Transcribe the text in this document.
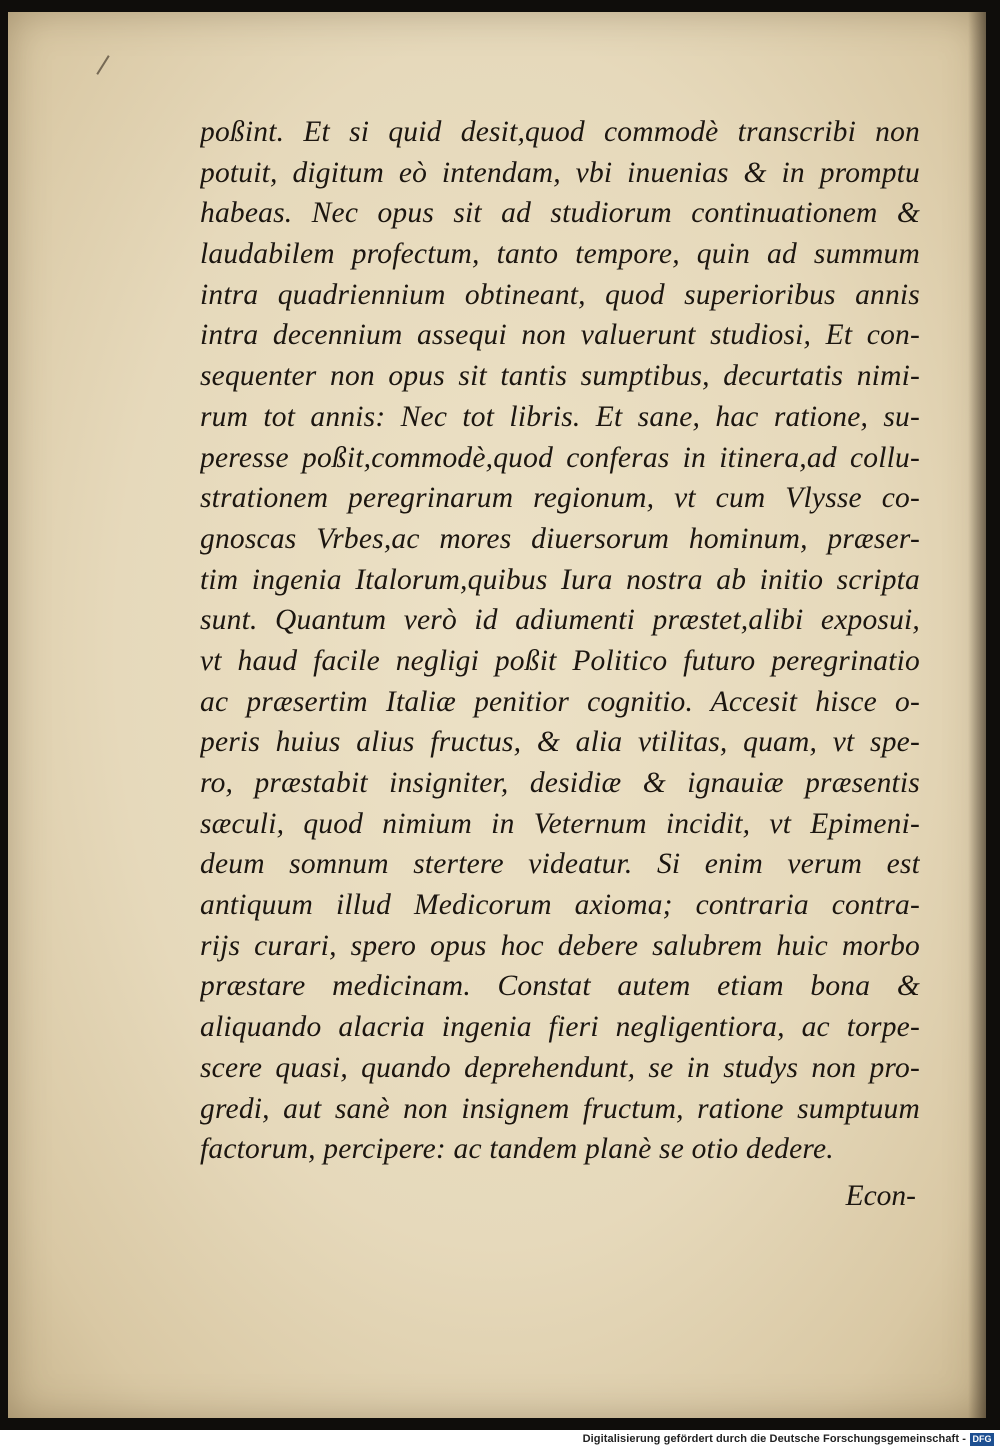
poßint. Et si quid desit,quod commodè transcribi non
potuit, digitum eò intendam, vbi inuenias & in promptu
habeas. Nec opus sit ad studiorum continuationem &
laudabilem profectum, tanto tempore, quin ad summum
intra quadriennium obtineant, quod superioribus annis
intra decennium assequi non valuerunt studiosi, Et con-
sequenter non opus sit tantis sumptibus, decurtatis nimi-
rum tot annis: Nec tot libris. Et sane, hac ratione, su-
peresse poßit,commodè,quod conferas in itinera,ad collu-
strationem peregrinarum regionum, vt cum Vlysse co-
gnoscas Vrbes,ac mores diuersorum hominum, præser-
tim ingenia Italorum,quibus Iura nostra ab initio scripta
sunt. Quantum verò id adiumenti præstet,alibi exposui,
vt haud facile negligi poßit Politico futuro peregrinatio
ac præsertim Italiæ penitior cognitio. Accesit hisce o-
peris huius alius fructus, & alia vtilitas, quam, vt spe-
ro, præstabit insigniter, desidiæ & ignauiæ præsentis
sæculi, quod nimium in Veternum incidit, vt Epimeni-
deum somnum stertere videatur. Si enim verum est
antiquum illud Medicorum axioma; contraria contra-
rijs curari, spero opus hoc debere salubrem huic morbo
præstare medicinam. Constat autem etiam bona &
aliquando alacria ingenia fieri negligentiora, ac torpe-
scere quasi, quando deprehendunt, se in studys non pro-
gredi, aut sanè non insignem fructum, ratione sumptuum
factorum, percipere: ac tandem planè se otio dedere.
Econ-
Digitalisierung gefördert durch die Deutsche Forschungsgemeinschaft - DFG
